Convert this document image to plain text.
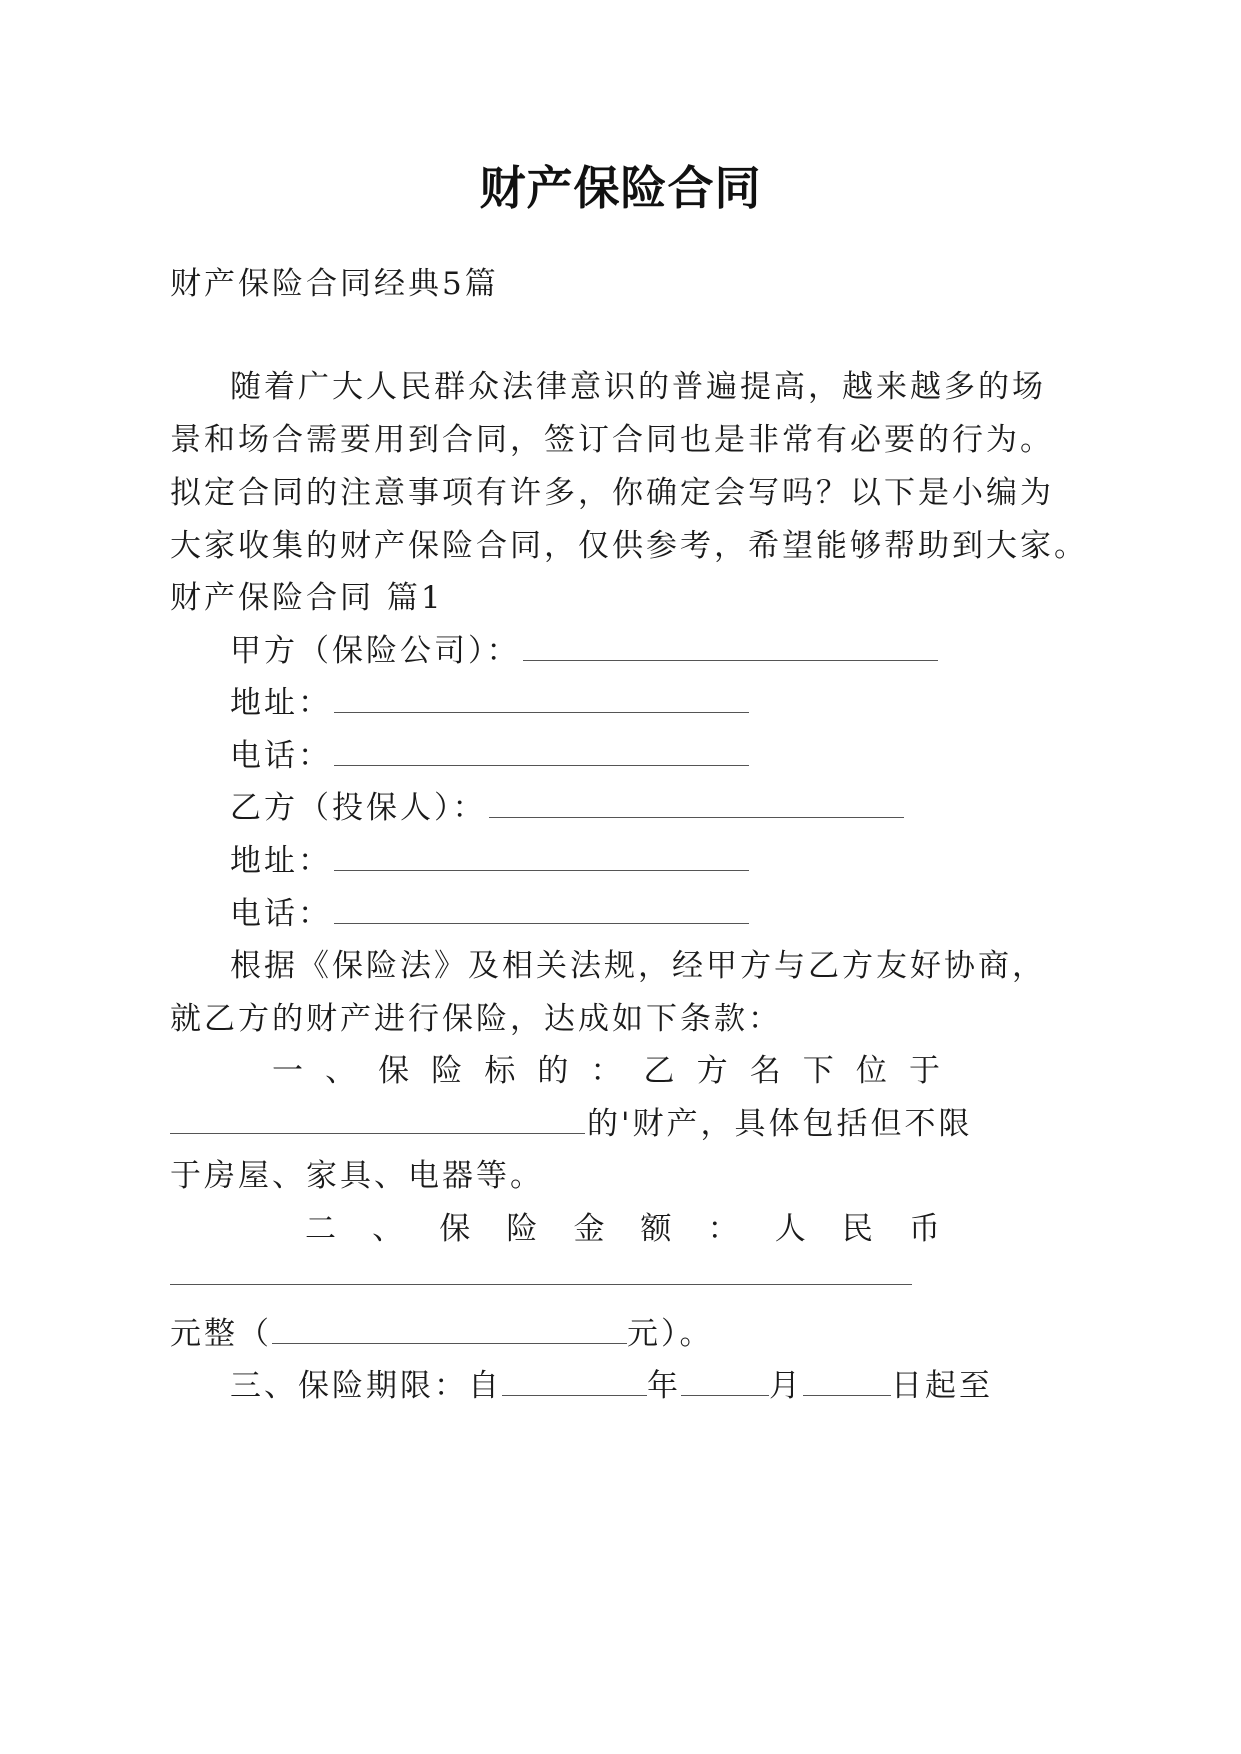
财产保险合同
财产保险合同经典5篇
随着广大人民群众法律意识的普遍提高，越来越多的场
景和场合需要用到合同，签订合同也是非常有必要的行为。
拟定合同的注意事项有许多，你确定会写吗？以下是小编为
大家收集的财产保险合同，仅供参考，希望能够帮助到大家。
财产保险合同 篇1
甲方（保险公司）：
地址：
电话：
乙方（投保人）：
地址：
电话：
根据《保险法》及相关法规，经甲方与乙方友好协商，
就乙方的财产进行保险，达成如下条款：
一 、 保 险 标 的 ： 乙 方 名 下 位 于
的'财产，具体包括但不限
于房屋、家具、电器等。
二 、 保 险 金 额 ： 人 民 币
元整（	元）。
三、保险期限：自	年	月	日起至
